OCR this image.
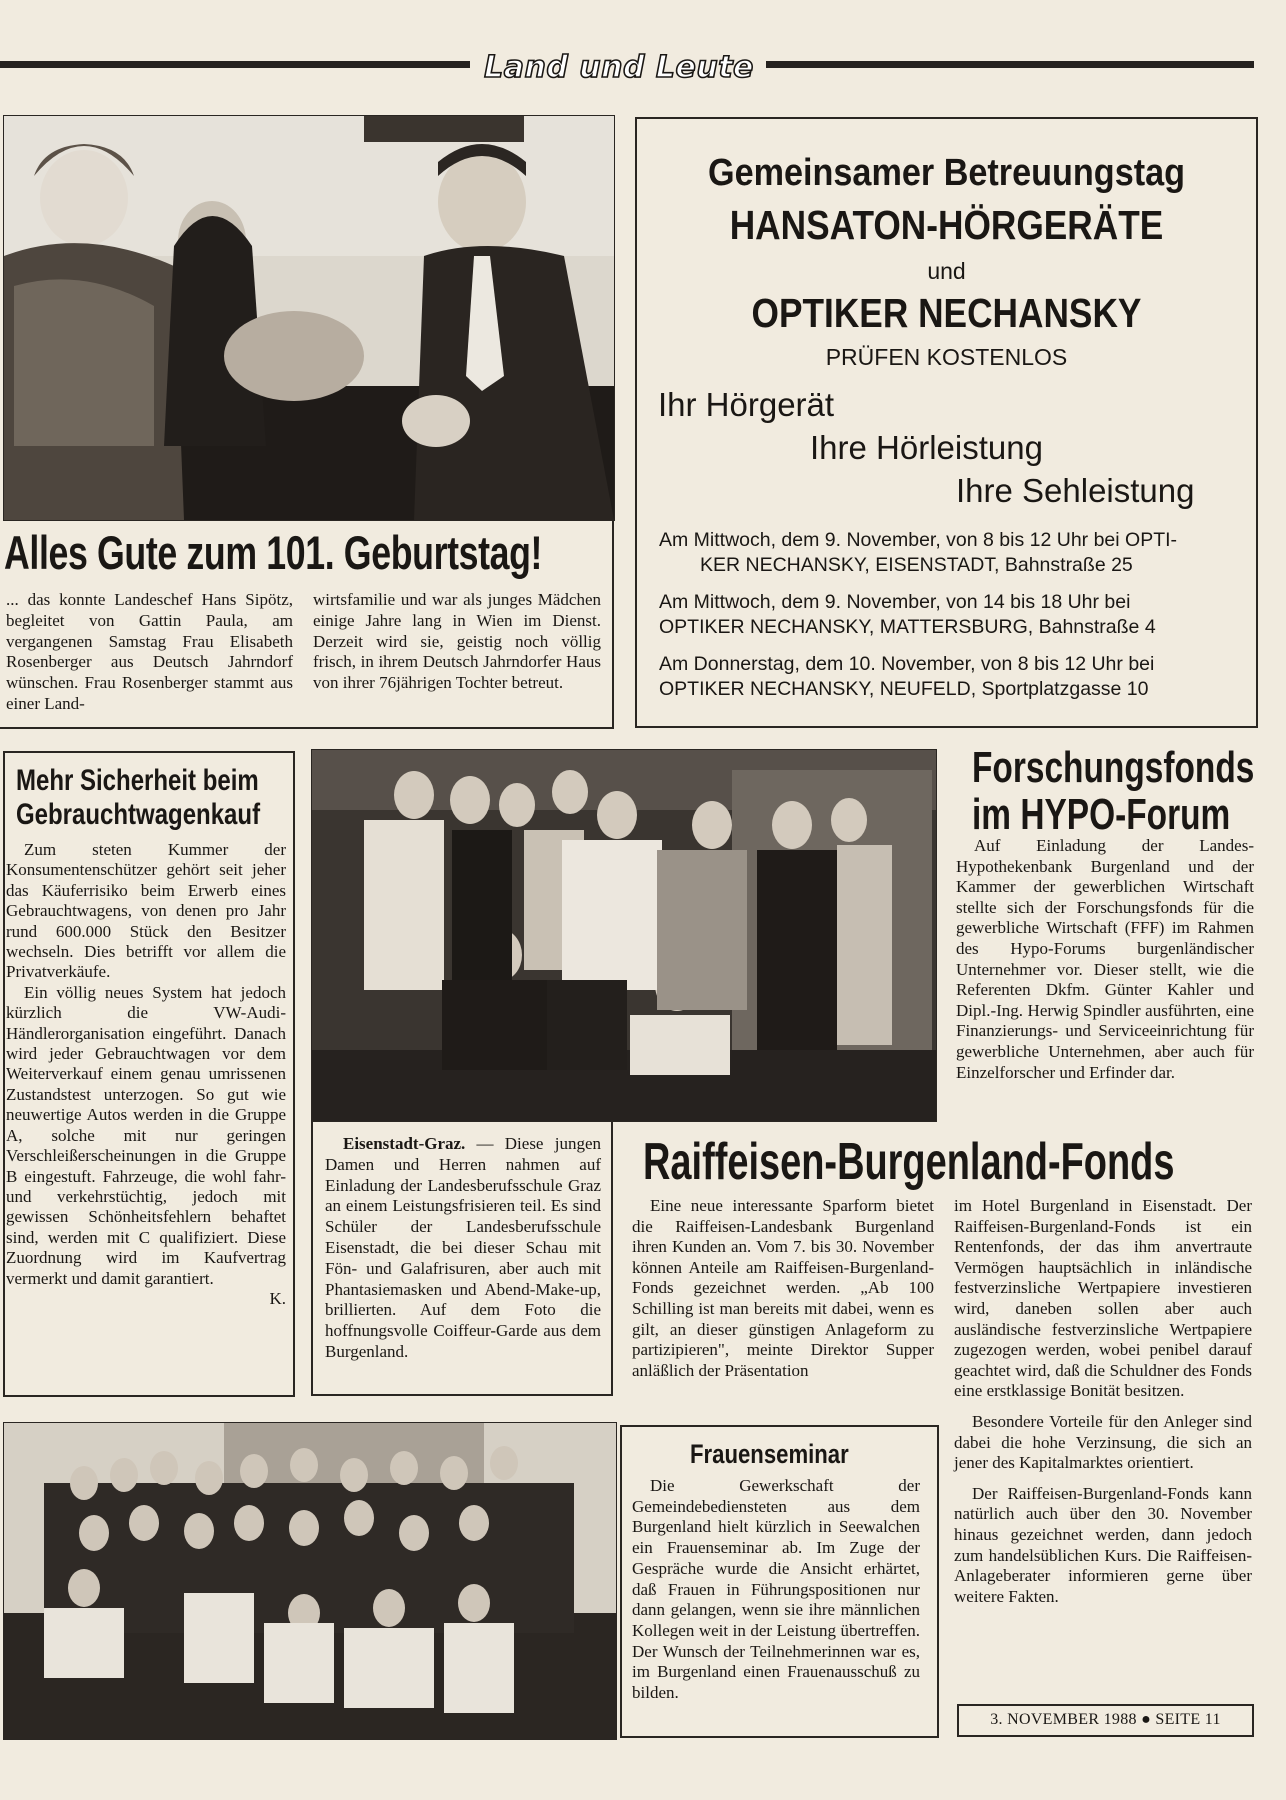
Land und Leute
Alles Gute zum 101. Geburtstag!

... das konnte Landeschef Hans Sipötz, begleitet von Gattin Paula, am vergangenen Samstag Frau Elisabeth Rosenberger aus Deutsch Jahrndorf wünschen. Frau Rosenberger stammt aus einer Land-

wirtsfamilie und war als junges Mädchen einige Jahre lang in Wien im Dienst. Derzeit wird sie, geistig noch völlig frisch, in ihrem Deutsch Jahrndorfer Haus von ihrer 76jährigen Tochter betreut.

Gemeinsamer Betreuungstag
HANSATON-HÖRGERÄTE
und
OPTIKER NECHANSKY
PRÜFEN KOSTENLOS
Ihr Hörgerät
Ihre Hörleistung
Ihre Sehleistung
Am Mittwoch, dem 9. November, von 8 bis 12 Uhr bei OPTI-
KER NECHANSKY, EISENSTADT, Bahnstraße 25
Am Mittwoch, dem 9. November, von 14 bis 18 Uhr bei
OPTIKER NECHANSKY, MATTERSBURG, Bahnstraße 4
Am Donnerstag, dem 10. November, von 8 bis 12 Uhr bei
OPTIKER NECHANSKY, NEUFELD, Sportplatzgasse 10
Mehr Sicherheit beim
Gebrauchtwagenkauf

Zum steten Kummer der Konsumentenschützer gehört seit jeher das Käuferrisiko beim Erwerb eines Gebrauchtwagens, von denen pro Jahr rund 600.000 Stück den Besitzer wechseln. Dies betrifft vor allem die Privatverkäufe.

Ein völlig neues System hat jedoch kürzlich die VW-Audi-Händlerorganisation eingeführt. Danach wird jeder Gebrauchtwagen vor dem Weiterverkauf einem genau umrissenen Zustandstest unterzogen. So gut wie neuwertige Autos werden in die Gruppe A, solche mit nur geringen Verschleißerscheinungen in die Gruppe B eingestuft. Fahrzeuge, die wohl fahr- und verkehrstüchtig, jedoch mit gewissen Schönheitsfehlern behaftet sind, werden mit C qualifiziert. Diese Zuordnung wird im Kaufvertrag vermerkt und damit garantiert.

K.

Eisenstadt-Graz. — Diese jungen Damen und Herren nahmen auf Einladung der Landesberufsschule Graz an einem Leistungsfrisieren teil. Es sind Schüler der Landesberufsschule Eisenstadt, die bei dieser Schau mit Fön- und Galafrisuren, aber auch mit Phantasiemasken und Abend-Make-up, brillierten. Auf dem Foto die hoffnungsvolle Coiffeur-Garde aus dem Burgenland.

Forschungsfonds
im HYPO-Forum

Auf Einladung der Landes-Hypothekenbank Burgenland und der Kammer der gewerblichen Wirtschaft stellte sich der Forschungsfonds für die gewerbliche Wirtschaft (FFF) im Rahmen des Hypo-Forums burgenländischer Unternehmer vor. Dieser stellt, wie die Referenten Dkfm. Günter Kahler und Dipl.-Ing. Herwig Spindler ausführten, eine Finanzierungs- und Serviceeinrichtung für gewerbliche Unternehmen, aber auch für Einzelforscher und Erfinder dar.

Raiffeisen-Burgenland-Fonds

Eine neue interessante Sparform bietet die Raiffeisen-Landesbank Burgenland ihren Kunden an. Vom 7. bis 30. November können Anteile am Raiffeisen-Burgenland-Fonds gezeichnet werden. „Ab 100 Schilling ist man bereits mit dabei, wenn es gilt, an dieser günstigen Anlageform zu partizipieren", meinte Direktor Supper anläßlich der Präsentation

im Hotel Burgenland in Eisenstadt. Der Raiffeisen-Burgenland-Fonds ist ein Rentenfonds, der das ihm anvertraute Vermögen hauptsächlich in inländische festverzinsliche Wertpapiere investieren wird, daneben sollen aber auch ausländische festverzinsliche Wertpapiere zugezogen werden, wobei penibel darauf geachtet wird, daß die Schuldner des Fonds eine erstklassige Bonität besitzen.

Besondere Vorteile für den Anleger sind dabei die hohe Verzinsung, die sich an jener des Kapitalmarktes orientiert.

Der Raiffeisen-Burgenland-Fonds kann natürlich auch über den 30. November hinaus gezeichnet werden, dann jedoch zum handelsüblichen Kurs. Die Raiffeisen-Anlageberater informieren gerne über weitere Fakten.

Frauenseminar

Die Gewerkschaft der Gemeindebediensteten aus dem Burgenland hielt kürzlich in Seewalchen ein Frauenseminar ab. Im Zuge der Gespräche wurde die Ansicht erhärtet, daß Frauen in Führungspositionen nur dann gelangen, wenn sie ihre männlichen Kollegen weit in der Leistung übertreffen. Der Wunsch der Teilnehmerinnen war es, im Burgenland einen Frauenausschuß zu bilden.

3. NOVEMBER 1988 ● SEITE 11
